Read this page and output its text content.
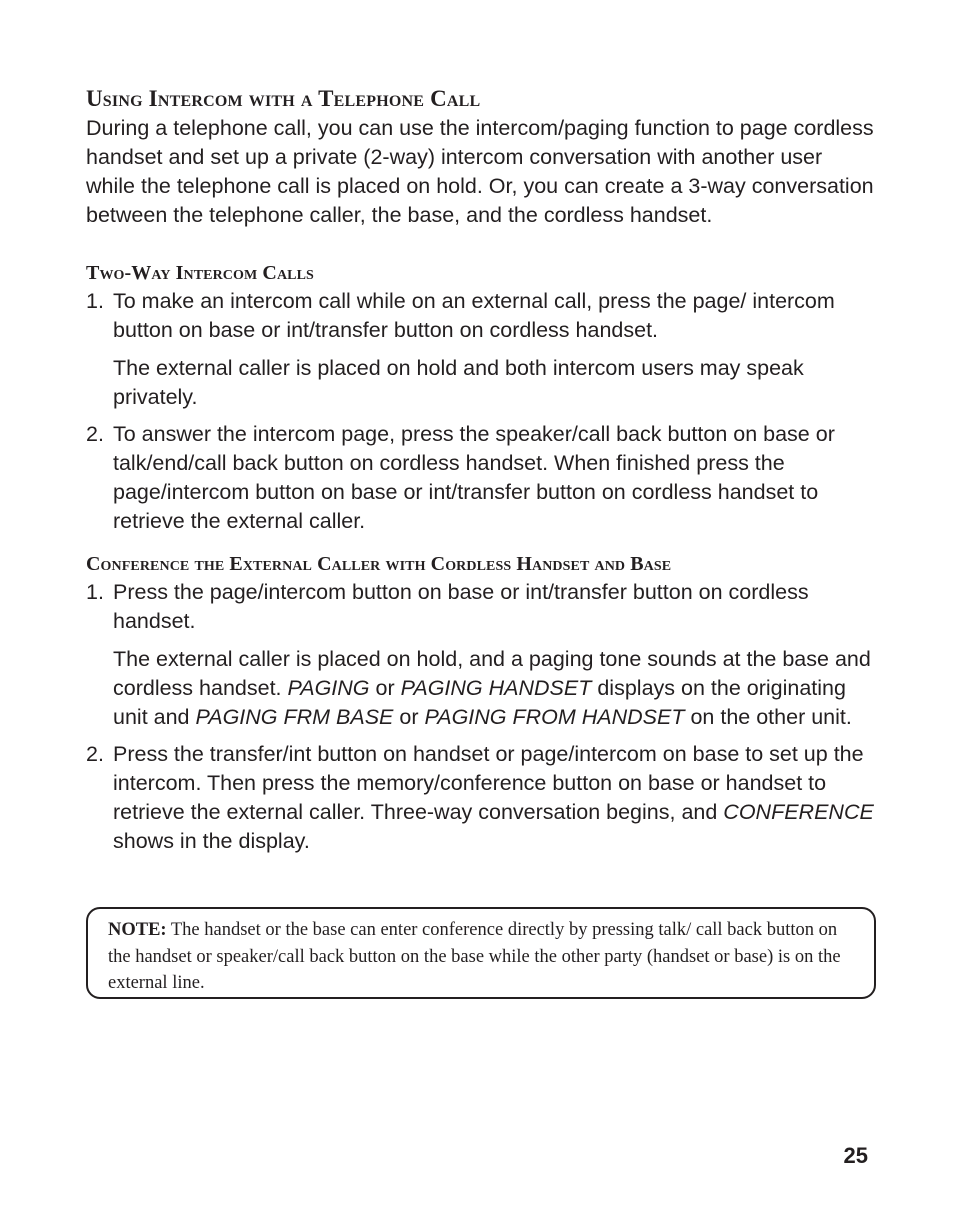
Using Intercom with a Telephone Call

During a telephone call, you can use the intercom/paging function to page cordless handset and set up a private (2-way) intercom conversation with another user while the telephone call is placed on hold. Or, you can create a 3-way conversation between the telephone caller, the base, and the cordless handset.

Two-Way Intercom Calls
1. To make an intercom call while on an external call, press the page/ intercom button on base or int/transfer button on cordless handset.

The external caller is placed on hold and both intercom users may speak privately.

2. To answer the intercom page, press the speaker/call back button on base or talk/end/call back button on cordless handset. When finished press the page/intercom button on base or int/transfer button on cordless handset to retrieve the external caller.

Conference the External Caller with Cordless Handset and Base
1. Press the page/intercom button on base or int/transfer button on cordless handset.

The external caller is placed on hold, and a paging tone sounds at the base and cordless handset. PAGING or PAGING HANDSET displays on the originating unit and PAGING FRM BASE or PAGING FROM HANDSET on the other unit.

2. Press the transfer/int button on handset or page/intercom on base to set up the intercom. Then press the memory/conference button on base or handset to retrieve the external caller. Three-way conversation begins, and CONFERENCE shows in the display.

NOTE: The handset or the base can enter conference directly by pressing talk/ call back button on the handset or speaker/call back button on the base while the other party (handset or base) is on the external line.
25
